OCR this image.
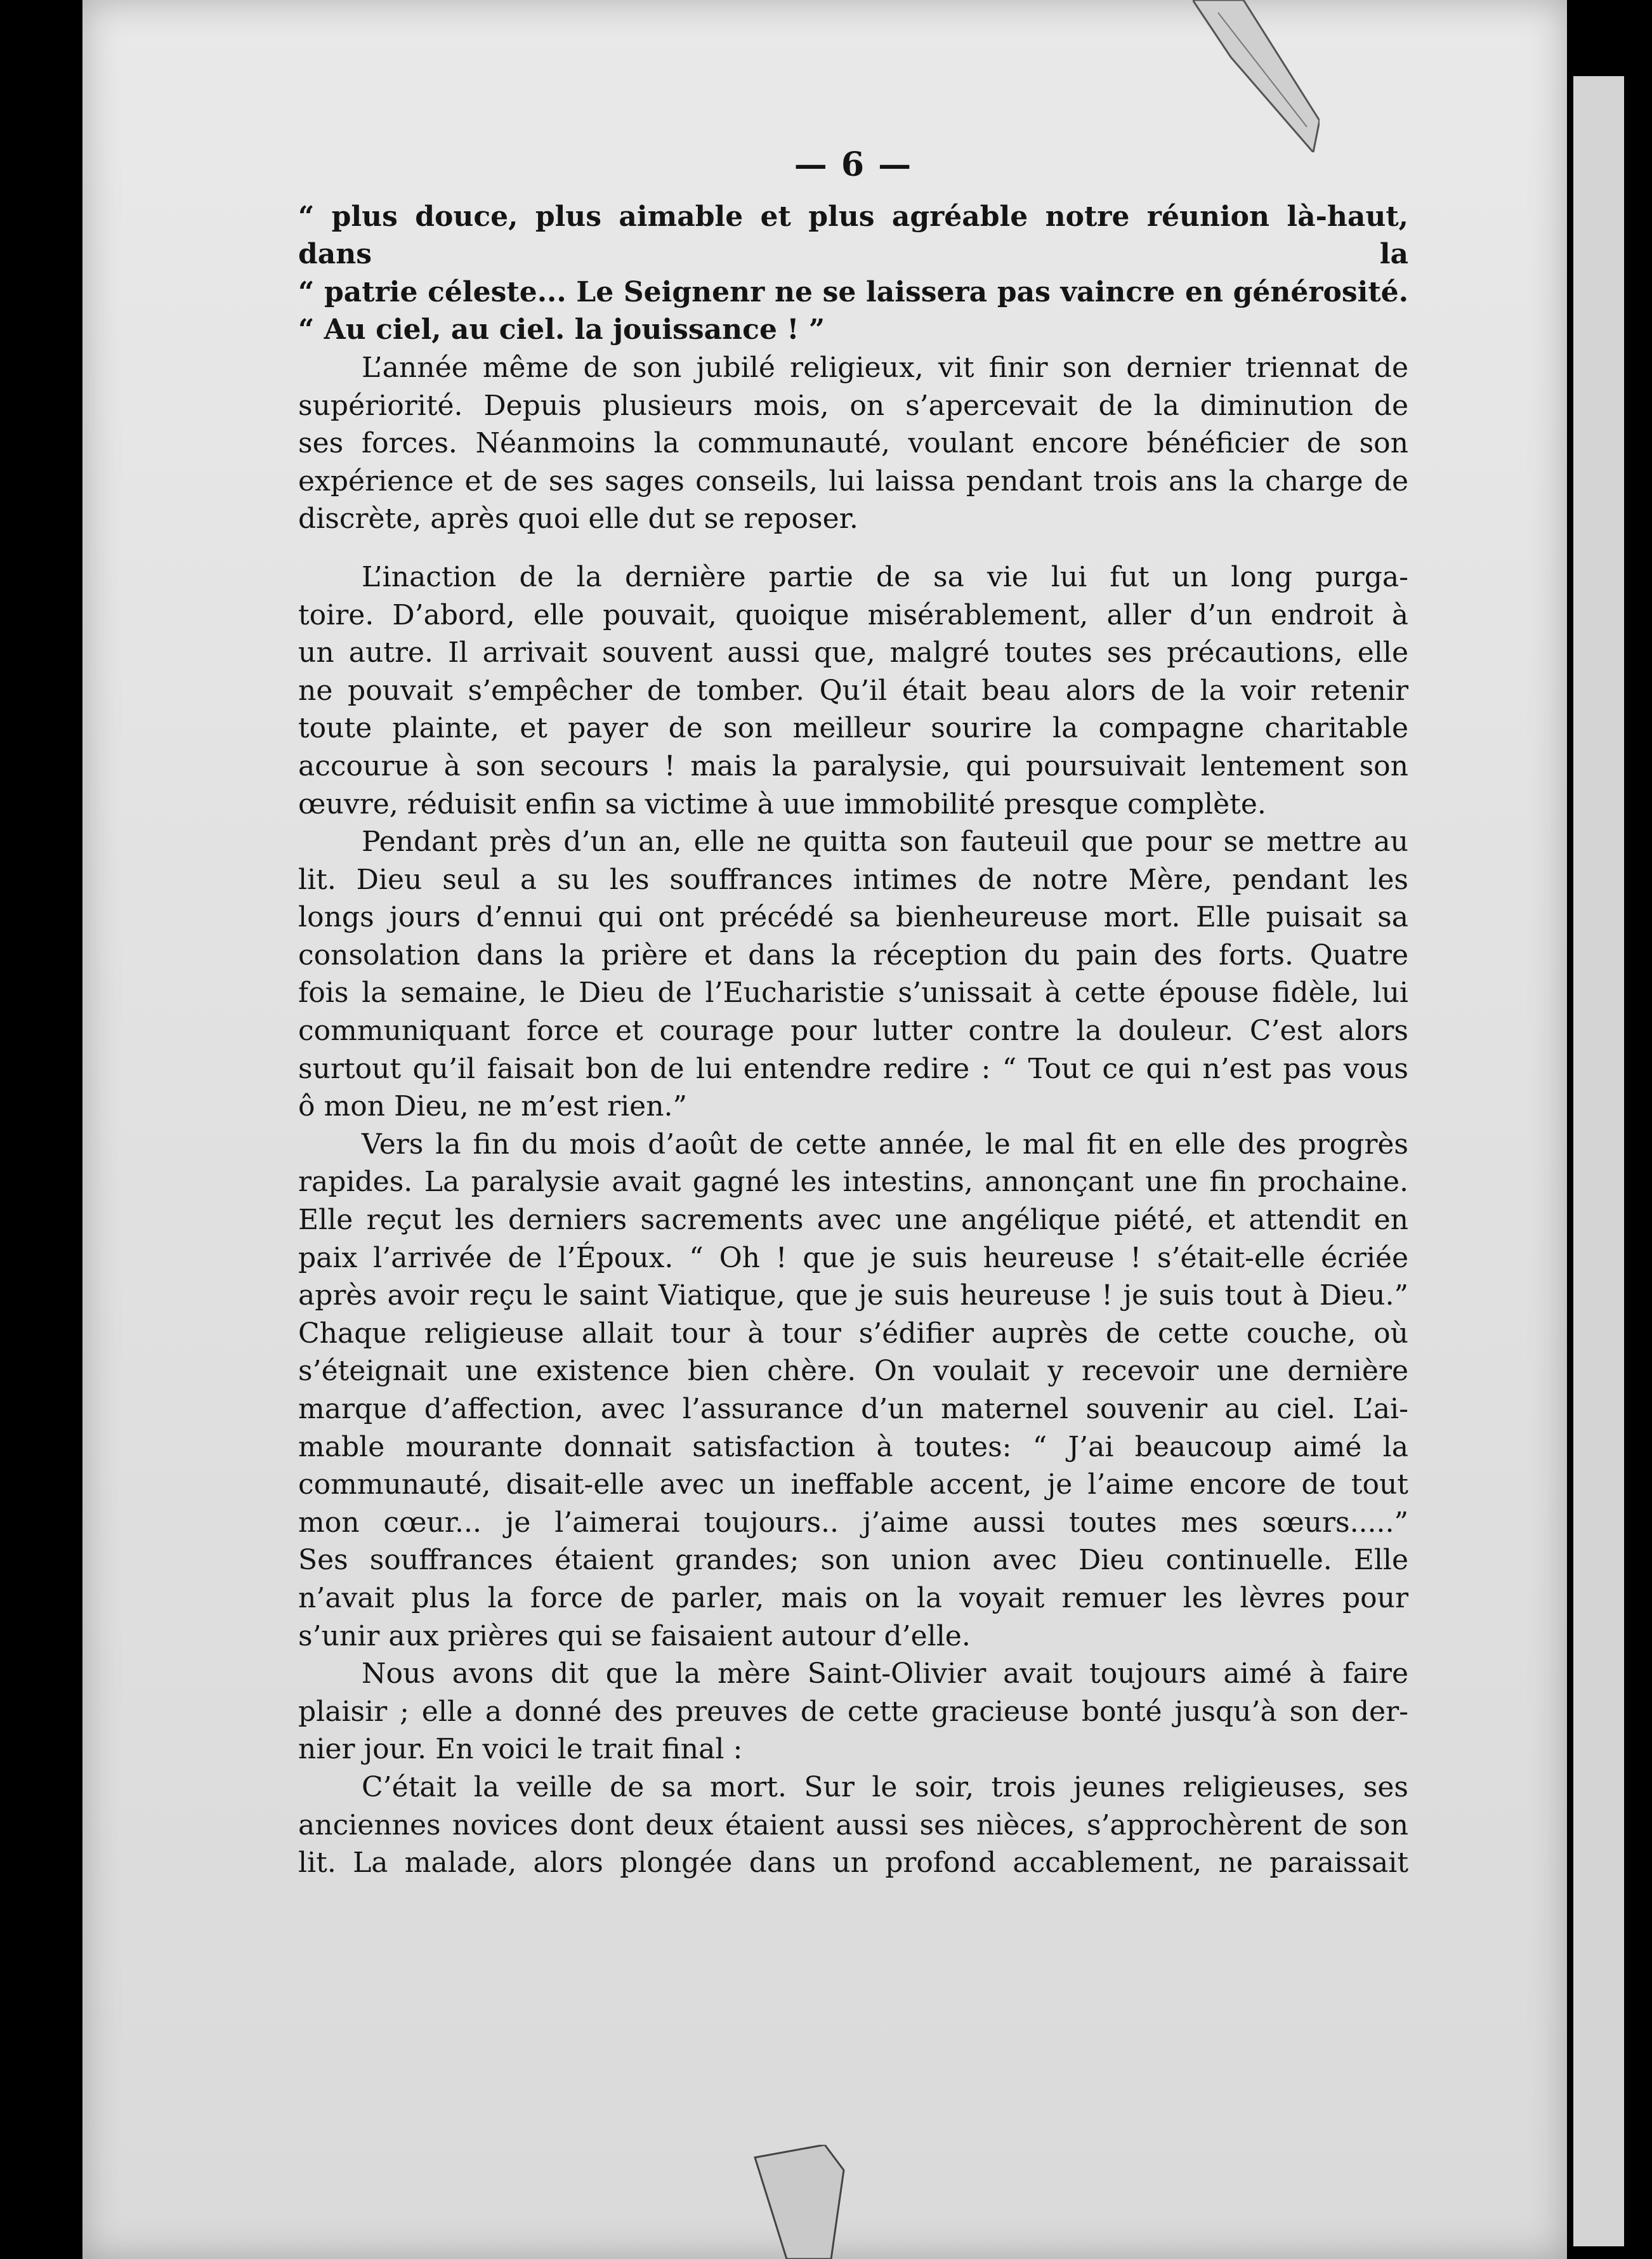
— 6 —

“ plus douce, plus aimable et plus agréable notre réunion là-haut, dans la

“ patrie céleste... Le Seignenr ne se laissera pas vaincre en générosité.

“ Au ciel, au ciel. la jouissance ! ”

L’année même de son jubilé religieux, vit finir son dernier triennat de

supériorité. Depuis plusieurs mois, on s’apercevait de la diminution de

ses forces. Néanmoins la communauté, voulant encore bénéficier de son

expérience et de ses sages conseils, lui laissa pendant trois ans la charge de

discrète, après quoi elle dut se reposer.

L’inaction de la dernière partie de sa vie lui fut un long purga-

toire. D’abord, elle pouvait, quoique misérablement, aller d’un endroit à

un autre. Il arrivait souvent aussi que, malgré toutes ses précautions, elle

ne pouvait s’empêcher de tomber. Qu’il était beau alors de la voir retenir

toute plainte, et payer de son meilleur sourire la compagne charitable

accourue à son secours ! mais la paralysie, qui poursuivait lentement son

œuvre, réduisit enfin sa victime à uue immobilité presque complète.

Pendant près d’un an, elle ne quitta son fauteuil que pour se mettre au

lit. Dieu seul a su les souffrances intimes de notre Mère, pendant les

longs jours d’ennui qui ont précédé sa bienheureuse mort. Elle puisait sa

consolation dans la prière et dans la réception du pain des forts. Quatre

fois la semaine, le Dieu de l’Eucharistie s’unissait à cette épouse fidèle, lui

communiquant force et courage pour lutter contre la douleur. C’est alors

surtout qu’il faisait bon de lui entendre redire : “ Tout ce qui n’est pas vous

ô mon Dieu, ne m’est rien.”

Vers la fin du mois d’août de cette année, le mal fit en elle des progrès

rapides. La paralysie avait gagné les intestins, annonçant une fin prochaine.

Elle reçut les derniers sacrements avec une angélique piété, et attendit en

paix l’arrivée de l’Époux. “ Oh ! que je suis heureuse ! s’était-elle écriée

après avoir reçu le saint Viatique, que je suis heureuse ! je suis tout à Dieu.”

Chaque religieuse allait tour à tour s’édifier auprès de cette couche, où

s’éteignait une existence bien chère. On voulait y recevoir une dernière

marque d’affection, avec l’assurance d’un maternel souvenir au ciel. L’ai-

mable mourante donnait satisfaction à toutes: “ J’ai beaucoup aimé la

communauté, disait-elle avec un ineffable accent, je l’aime encore de tout

mon cœur... je l’aimerai toujours.. j’aime aussi toutes mes sœurs.....”

Ses souffrances étaient grandes; son union avec Dieu continuelle. Elle

n’avait plus la force de parler, mais on la voyait remuer les lèvres pour

s’unir aux prières qui se faisaient autour d’elle.

Nous avons dit que la mère Saint-Olivier avait toujours aimé à faire

plaisir ; elle a donné des preuves de cette gracieuse bonté jusqu’à son der-

nier jour. En voici le trait final :

C’était la veille de sa mort. Sur le soir, trois jeunes religieuses, ses

anciennes novices dont deux étaient aussi ses nièces, s’approchèrent de son

lit. La malade, alors plongée dans un profond accablement, ne paraissait
